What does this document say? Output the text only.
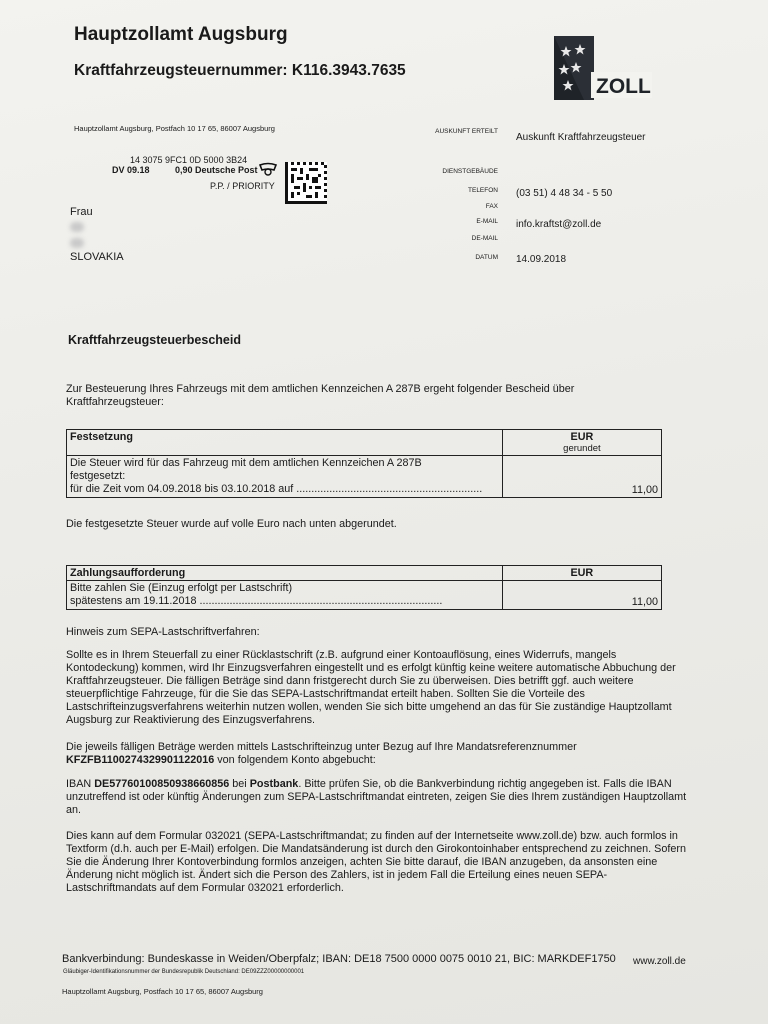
Hauptzollamt Augsburg
Kraftfahrzeugsteuernummer: K116.3943.7635
ZOLL
Hauptzollamt Augsburg, Postfach 10 17 65, 86007 Augsburg
14 3075 9FC1 0D 5000 3B24
DV 09.18	0,90 Deutsche Post
P.P. / PRIORITY
Frau
SLOVAKIA
AUSKUNFT ERTEILT
Auskunft Kraftfahrzeugsteuer
DIENSTGEBÄUDE
TELEFON (03 51) 4 48 34 - 5 50
FAX
E-MAIL info.kraftst@zoll.de
DE-MAIL
DATUM 14.09.2018
Kraftfahrzeugsteuerbescheid
Zur Besteuerung Ihres Fahrzeugs mit dem amtlichen Kennzeichen A 287B ergeht folgender Bescheid über Kraftfahrzeugsteuer:
Festsetzung	EUR
gerundet

Die Steuer wird für das Fahrzeug mit dem amtlichen Kennzeichen A 287B
festgesetzt:
für die Zeit vom 04.09.2018 bis 03.10.2018 auf ..............................................................	11,00
Die festgesetzte Steuer wurde auf volle Euro nach unten abgerundet.
Zahlungsaufforderung	EUR

Bitte zahlen Sie (Einzug erfolgt per Lastschrift)
spätestens am 19.11.2018 .................................................................................	11,00
Hinweis zum SEPA-Lastschriftverfahren:
Sollte es in Ihrem Steuerfall zu einer Rücklastschrift (z.B. aufgrund einer Kontoauflösung, eines Widerrufs, mangels Kontodeckung) kommen, wird Ihr Einzugsverfahren eingestellt und es erfolgt künftig keine weitere automatische Abbuchung der Kraftfahrzeugsteuer. Die fälligen Beträge sind dann fristgerecht durch Sie zu überweisen. Dies betrifft ggf. auch weitere steuerpflichtige Fahrzeuge, für die Sie das SEPA-Lastschriftmandat erteilt haben. Sollten Sie die Vorteile des Lastschrifteinzugsverfahrens weiterhin nutzen wollen, wenden Sie sich bitte umgehend an das für Sie zuständige Hauptzollamt Augsburg zur Reaktivierung des Einzugsverfahrens.
Die jeweils fälligen Beträge werden mittels Lastschrifteinzug unter Bezug auf Ihre Mandatsreferenznummer
KFZFB1100274329901122016 von folgendem Konto abgebucht:
IBAN DE57760100850938660856 bei Postbank. Bitte prüfen Sie, ob die Bankverbindung richtig angegeben ist. Falls die IBAN unzutreffend ist oder künftig Änderungen zum SEPA-Lastschriftmandat eintreten, zeigen Sie dies Ihrem zuständigen Hauptzollamt an.
Dies kann auf dem Formular 032021 (SEPA-Lastschriftmandat; zu finden auf der Internetseite www.zoll.de) bzw. auch formlos in Textform (d.h. auch per E-Mail) erfolgen. Die Mandatsänderung ist durch den Girokontoinhaber entsprechend zu zeichnen. Sofern Sie die Änderung Ihrer Kontoverbindung formlos anzeigen, achten Sie bitte darauf, die IBAN anzugeben, da ansonsten eine Änderung nicht möglich ist. Ändert sich die Person des Zahlers, ist in jedem Fall die Erteilung eines neuen SEPA-Lastschriftmandats auf dem Formular 032021 erforderlich.
Bankverbindung: Bundeskasse in Weiden/Oberpfalz; IBAN: DE18 7500 0000 0075 0010 21, BIC: MARKDEF1750 www.zoll.de
Gläubiger-Identifikationsnummer der Bundesrepublik Deutschland: DE09ZZZ00000000001
Hauptzollamt Augsburg, Postfach 10 17 65, 86007 Augsburg
